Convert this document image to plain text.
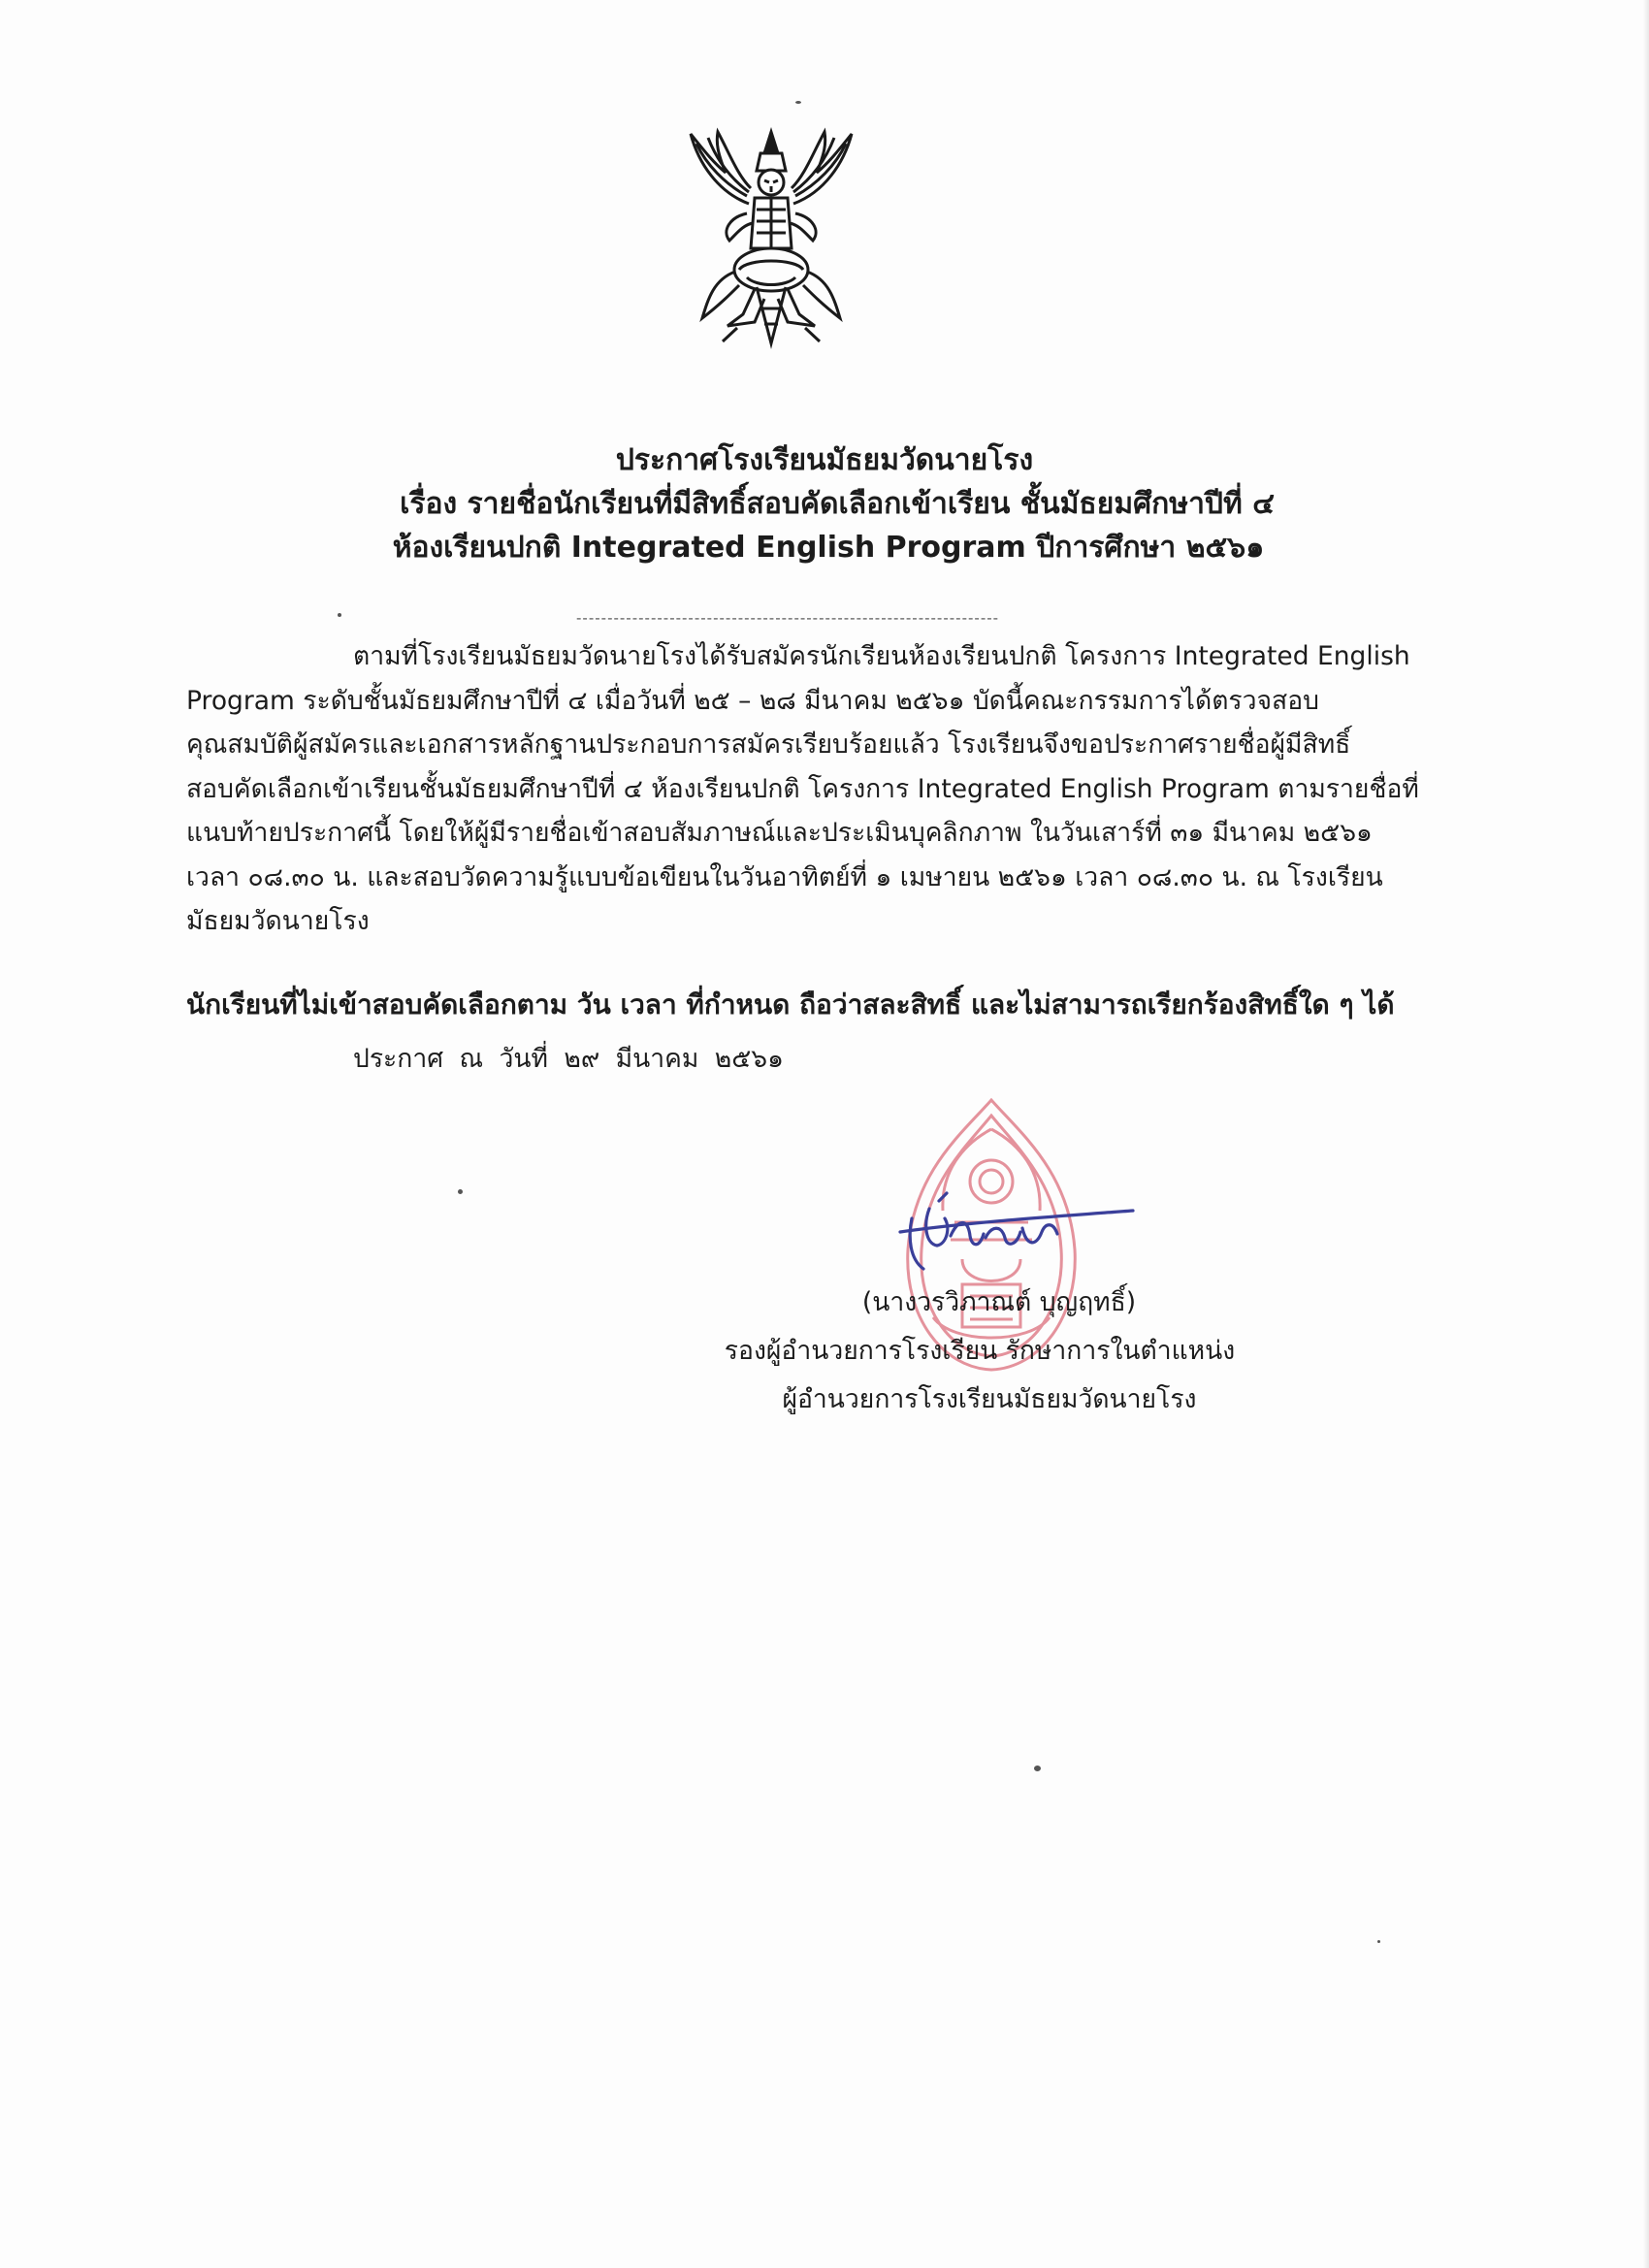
ประกาศโรงเรียนมัธยมวัดนายโรง
เรื่อง รายชื่อนักเรียนที่มีสิทธิ์สอบคัดเลือกเข้าเรียน ชั้นมัธยมศึกษาปีที่ ๔
ห้องเรียนปกติ Integrated English Program ปีการศึกษา ๒๕๖๑
--------------------------------------------------------------------
ตามที่โรงเรียนมัธยมวัดนายโรงได้รับสมัครนักเรียนห้องเรียนปกติ โครงการ Integrated English
Program ระดับชั้นมัธยมศึกษาปีที่ ๔ เมื่อวันที่ ๒๕ – ๒๘ มีนาคม ๒๕๖๑ บัดนี้คณะกรรมการได้ตรวจสอบ
คุณสมบัติผู้สมัครและเอกสารหลักฐานประกอบการสมัครเรียบร้อยแล้ว โรงเรียนจึงขอประกาศรายชื่อผู้มีสิทธิ์
สอบคัดเลือกเข้าเรียนชั้นมัธยมศึกษาปีที่ ๔ ห้องเรียนปกติ โครงการ Integrated English Program ตามรายชื่อที่
แนบท้ายประกาศนี้ โดยให้ผู้มีรายชื่อเข้าสอบสัมภาษณ์และประเมินบุคลิกภาพ ในวันเสาร์ที่ ๓๑ มีนาคม ๒๕๖๑
เวลา ๐๘.๓๐ น. และสอบวัดความรู้แบบข้อเขียนในวันอาทิตย์ที่ ๑ เมษายน ๒๕๖๑ เวลา ๐๘.๓๐ น. ณ โรงเรียน
มัธยมวัดนายโรง
นักเรียนที่ไม่เข้าสอบคัดเลือกตาม วัน เวลา ที่กำหนด ถือว่าสละสิทธิ์ และไม่สามารถเรียกร้องสิทธิ์ใด ๆ ได้
ประกาศ ณ วันที่ ๒๙ มีนาคม ๒๕๖๑
(นางวรวิภาณต์ บุญฤทธิ์)
รองผู้อำนวยการโรงเรียน รักษาการในตำแหน่ง
ผู้อำนวยการโรงเรียนมัธยมวัดนายโรง
